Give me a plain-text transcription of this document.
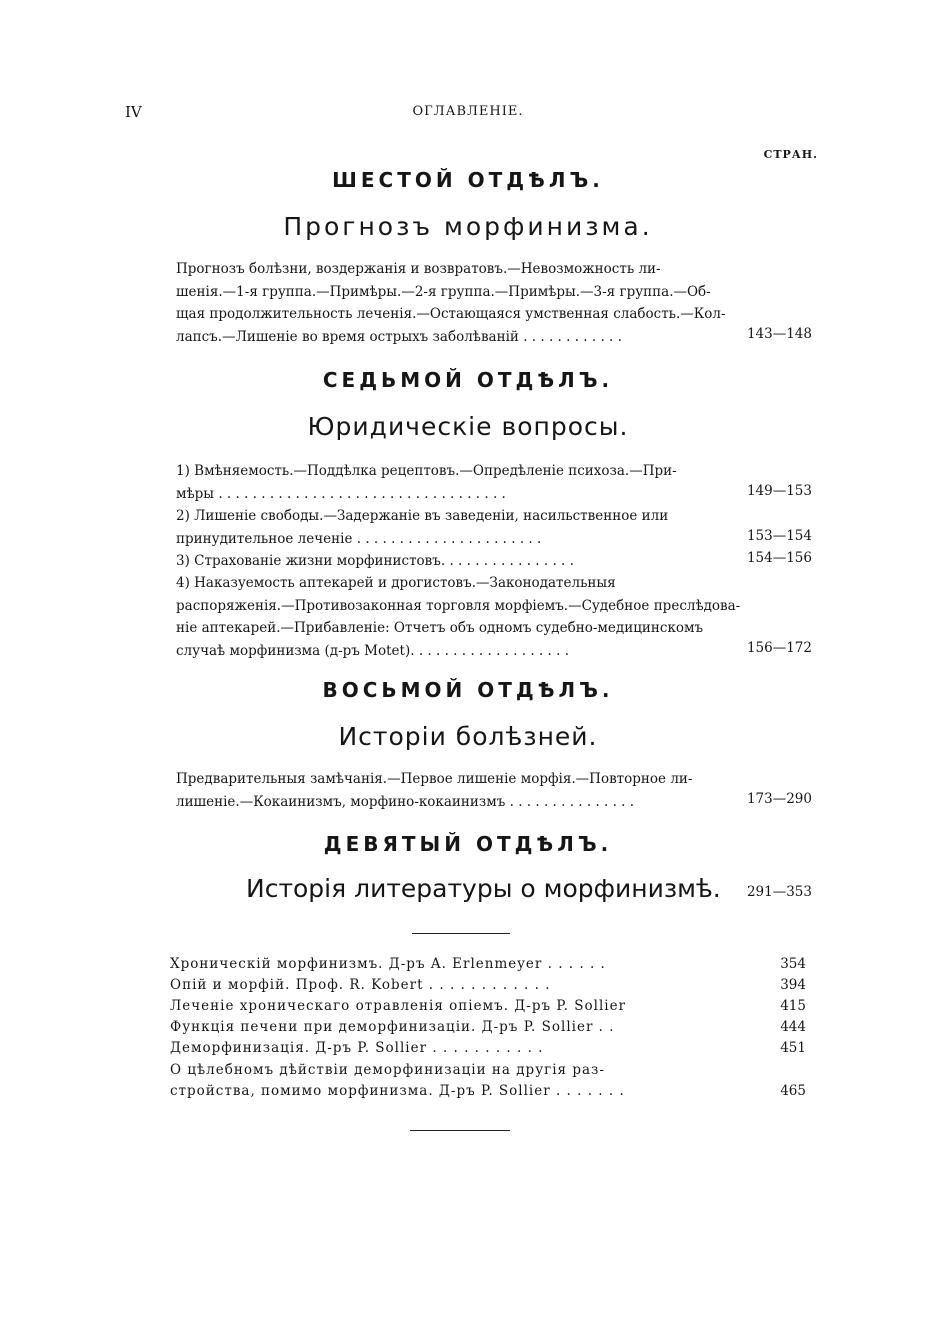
IV	ОГЛАВЛЕНІЕ.
СТРАН.
ШЕСТОЙ ОТДѢЛЪ.
Прогнозъ морфинизма.
Прогнозъ болѣзни, воздержанія и возвратовъ.—Невозможность ли-
шенія.—1-я группа.—Примѣры.—2-я группа.—Примѣры.—3-я группа.—Об-
щая продолжительность леченія.—Остающаяся умственная слабость.—Кол-
лапсъ.—Лишеніе во время острыхъ заболѣваній . . . . . . . . . . . .	143—148
СЕДЬМОЙ ОТДѢЛЪ.
Юридическіе вопросы.
1) Вмѣняемость.—Поддѣлка рецептовъ.—Опредѣленіе психоза.—При-
мѣры . . . . . . . . . . . . . . . . . . . . . . . . . . . . . . . . . .	149—153
2) Лишеніе свободы.—Задержаніе въ заведеніи, насильственное или
принудительное леченіе . . . . . . . . . . . . . . . . . . . . . .	153—154
3) Страхованіе жизни морфинистовъ. . . . . . . . . . . . . . . .	154—156
4) Наказуемость аптекарей и дрогистовъ.—Законодательныя
распоряженія.—Противозаконная торговля морфіемъ.—Судебное преслѣдова-
ніе аптекарей.—Прибавленіе: Отчетъ объ одномъ судебно-медицинскомъ
случаѣ морфинизма (д-ръ Motet). . . . . . . . . . . . . . . . . . .	156—172
ВОСЬМОЙ ОТДѢЛЪ.
Исторіи болѣзней.
Предварительныя замѣчанія.—Первое лишеніе морфія.—Повторное ли-
лишеніе.—Кокаинизмъ, морфино-кокаинизмъ . . . . . . . . . . . . . . .	173—290
ДЕВЯТЫЙ ОТДѢЛЪ.
Исторія литературы о морфинизмѣ. 291—353
Хроническій морфинизмъ. Д-ръ A. Erlenmeyer . . . . . .	354
Опій и морфій. Проф. R. Kobert . . . . . . . . . . . .	394
Леченіе хроническаго отравленія опіемъ. Д-ръ P. Sollier	415
Функція печени при деморфинизаціи. Д-ръ P. Sollier . .	444
Деморфинизація. Д-ръ P. Sollier . . . . . . . . . . .	451
О цѣлебномъ дѣйствіи деморфинизаціи на другія раз-
стройства, помимо морфинизма. Д-ръ P. Sollier . . . . . . .	465
